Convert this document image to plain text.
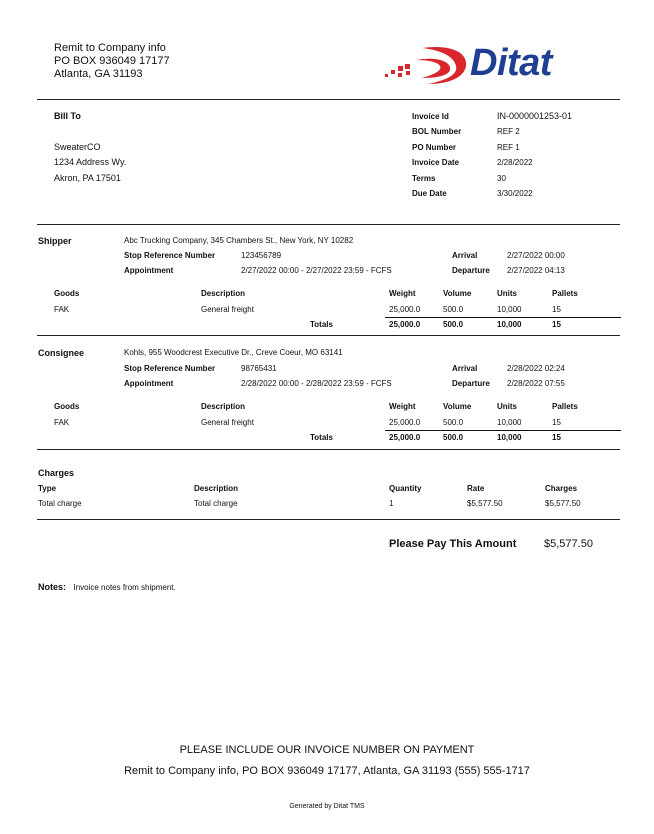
Remit to Company info
PO BOX 936049 17177
Atlanta, GA 31193	Ditat
Bill To
SweaterCO
1234 Address Wy.
Akron, PA 17501
Invoice Id	IN-0000001253-01
BOL Number	REF 2
PO Number	REF 1
Invoice Date	2/28/2022
Terms	30
Due Date	3/30/2022
Shipper	Abc Trucking Company, 345 Chambers St., New York, NY 10282
Stop Reference Number	123456789
Appointment	2/27/2022 00:00 - 2/27/2022 23:59 - FCFS
Arrival	2/27/2022 00:00
Departure 2/27/2022 04:13
Goods	Description	Weight	Volume	Units	Pallets
FAK	General freight	25,000.0	500.0	10,000	15
Totals	25,000.0	500.0	10,000	15
Consignee	Kohls, 955 Woodcrest Executive Dr., Creve Coeur, MO 63141
Stop Reference Number	98765431
Appointment	2/28/2022 00:00 - 2/28/2022 23:59 - FCFS
Arrival	2/28/2022 02:24
Departure 2/28/2022 07:55
Goods	Description	Weight	Volume	Units	Pallets
FAK	General freight	25,000.0	500.0	10,000	15
Totals	25,000.0	500.0	10,000	15
Charges
Type	Description	Quantity	Rate	Charges
Total charge	Total charge	1	$5,577.50	$5,577.50
Please Pay This Amount	$5,577.50
Notes: Invoice notes from shipment.
PLEASE INCLUDE OUR INVOICE NUMBER ON PAYMENT
Remit to Company info, PO BOX 936049 17177, Atlanta, GA 31193 (555) 555-1717
Generated by Ditat TMS
